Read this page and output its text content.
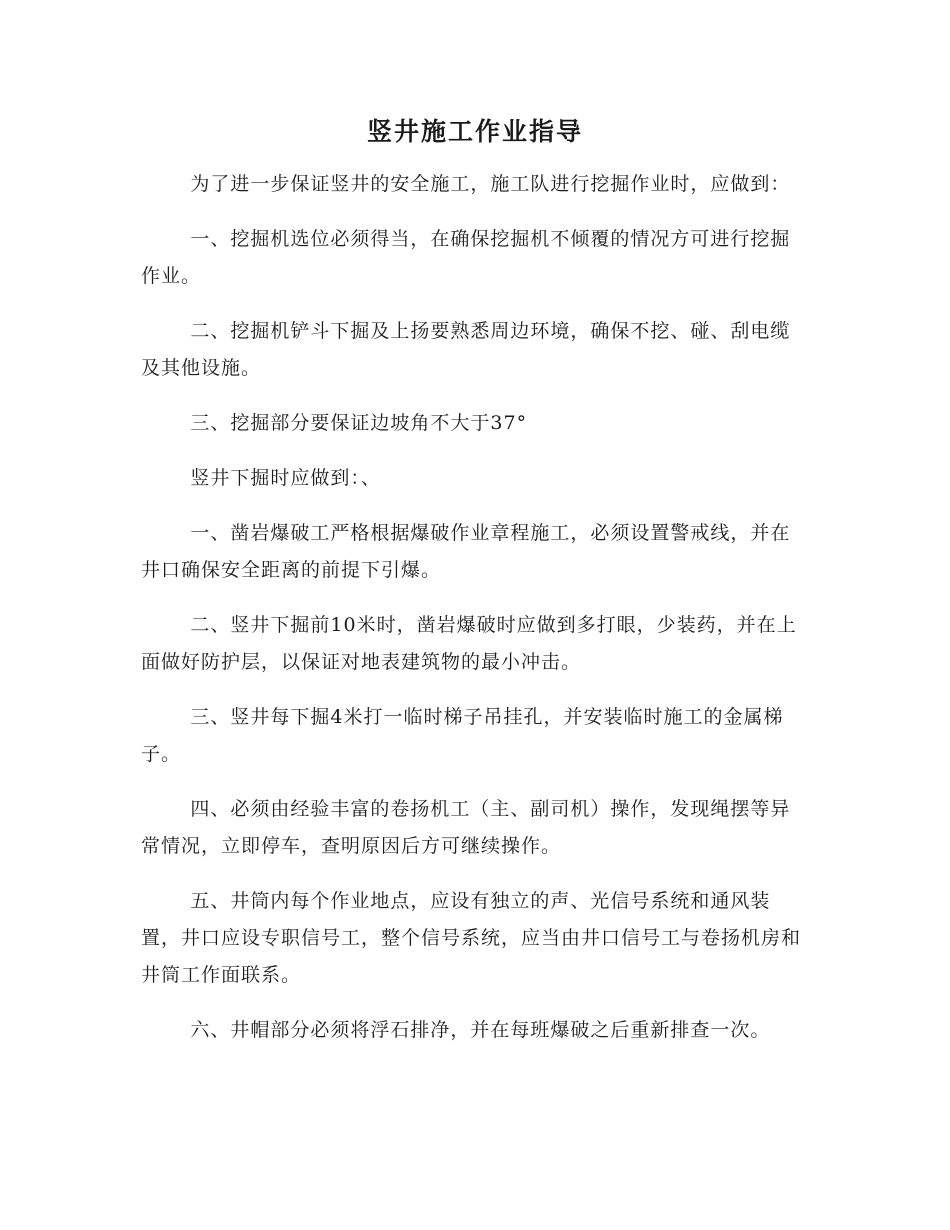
竖井施工作业指导

为了进一步保证竖井的安全施工，施工队进行挖掘作业时，应做到：

一、挖掘机选位必须得当，在确保挖掘机不倾覆的情况方可进行挖掘作业。

二、挖掘机铲斗下掘及上扬要熟悉周边环境，确保不挖、碰、刮电缆及其他设施。

三、挖掘部分要保证边坡角不大于37°

竖井下掘时应做到：、

一、凿岩爆破工严格根据爆破作业章程施工，必须设置警戒线，并在井口确保安全距离的前提下引爆。

二、竖井下掘前10米时，凿岩爆破时应做到多打眼，少装药，并在上面做好防护层，以保证对地表建筑物的最小冲击。

三、竖井每下掘4米打一临时梯子吊挂孔，并安装临时施工的金属梯子。

四、必须由经验丰富的卷扬机工（主、副司机）操作，发现绳摆等异常情况，立即停车，查明原因后方可继续操作。

五、井筒内每个作业地点，应设有独立的声、光信号系统和通风装置，井口应设专职信号工，整个信号系统，应当由井口信号工与卷扬机房和井筒工作面联系。

六、井帽部分必须将浮石排净，并在每班爆破之后重新排查一次。
